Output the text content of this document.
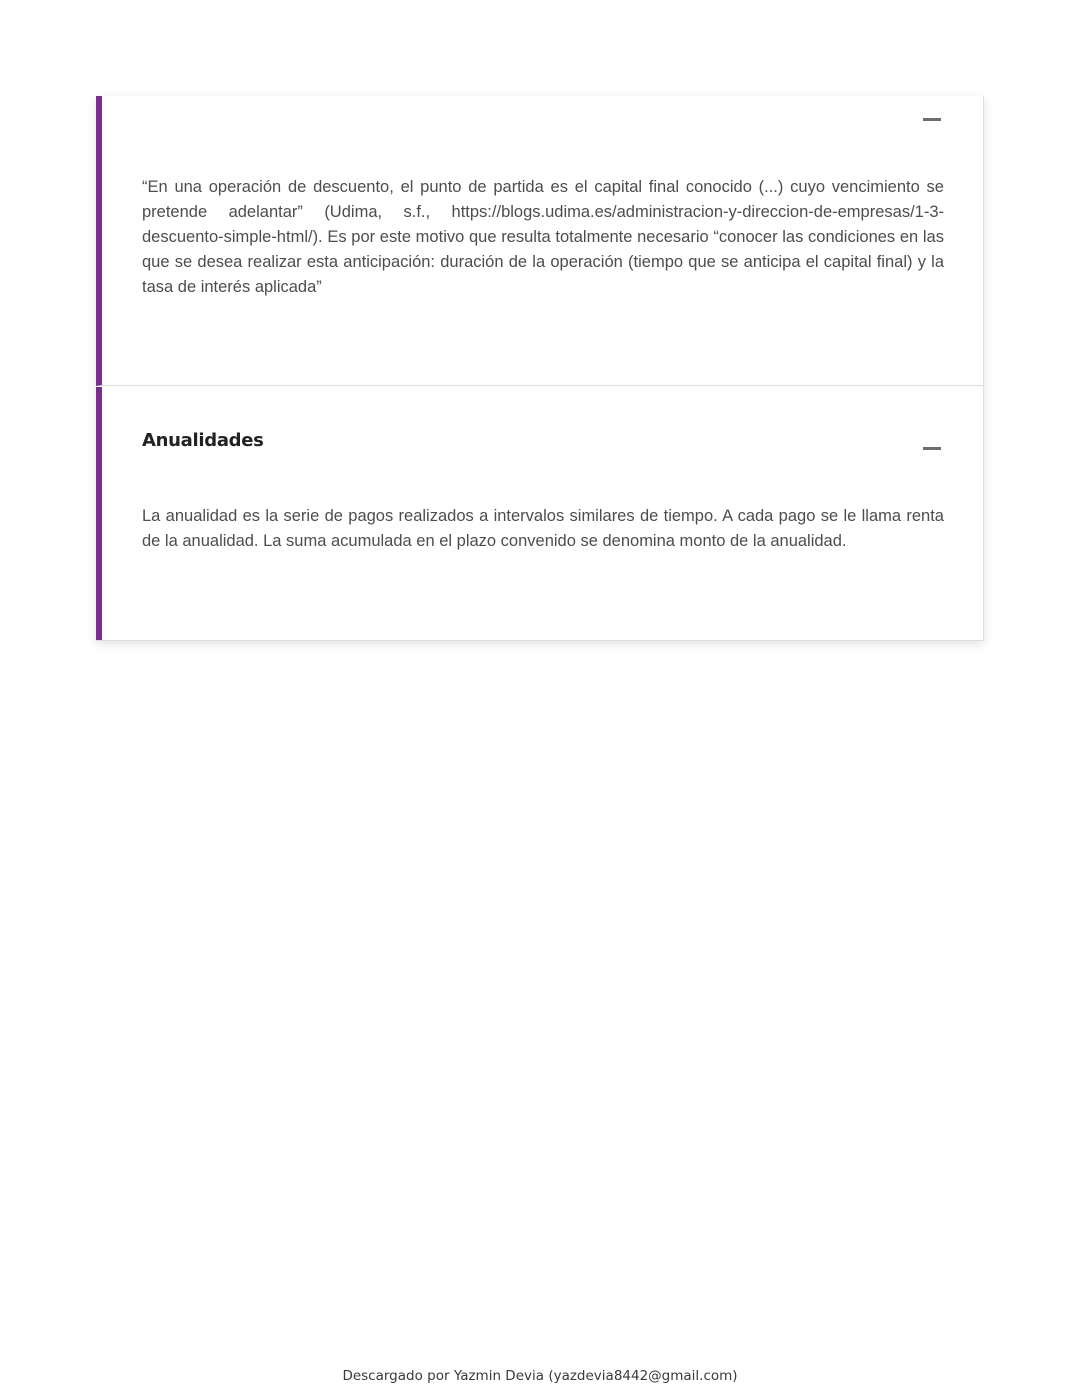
“En una operación de descuento, el punto de partida es el capital final conocido (...) cuyo vencimiento se pretende adelantar” (Udima, s.f., https://blogs.udima.es/administracion-y-direccion-de-empresas/1-3-descuento-simple-html/). Es por este motivo que resulta totalmente necesario “conocer las condiciones en las que se desea realizar esta anticipación: duración de la operación (tiempo que se anticipa el capital final) y la tasa de interés aplicada”

Anualidades

La anualidad es la serie de pagos realizados a intervalos similares de tiempo. A cada pago se le llama renta de la anualidad. La suma acumulada en el plazo convenido se denomina monto de la anualidad.

Descargado por Yazmin Devia (yazdevia8442@gmail.com)
